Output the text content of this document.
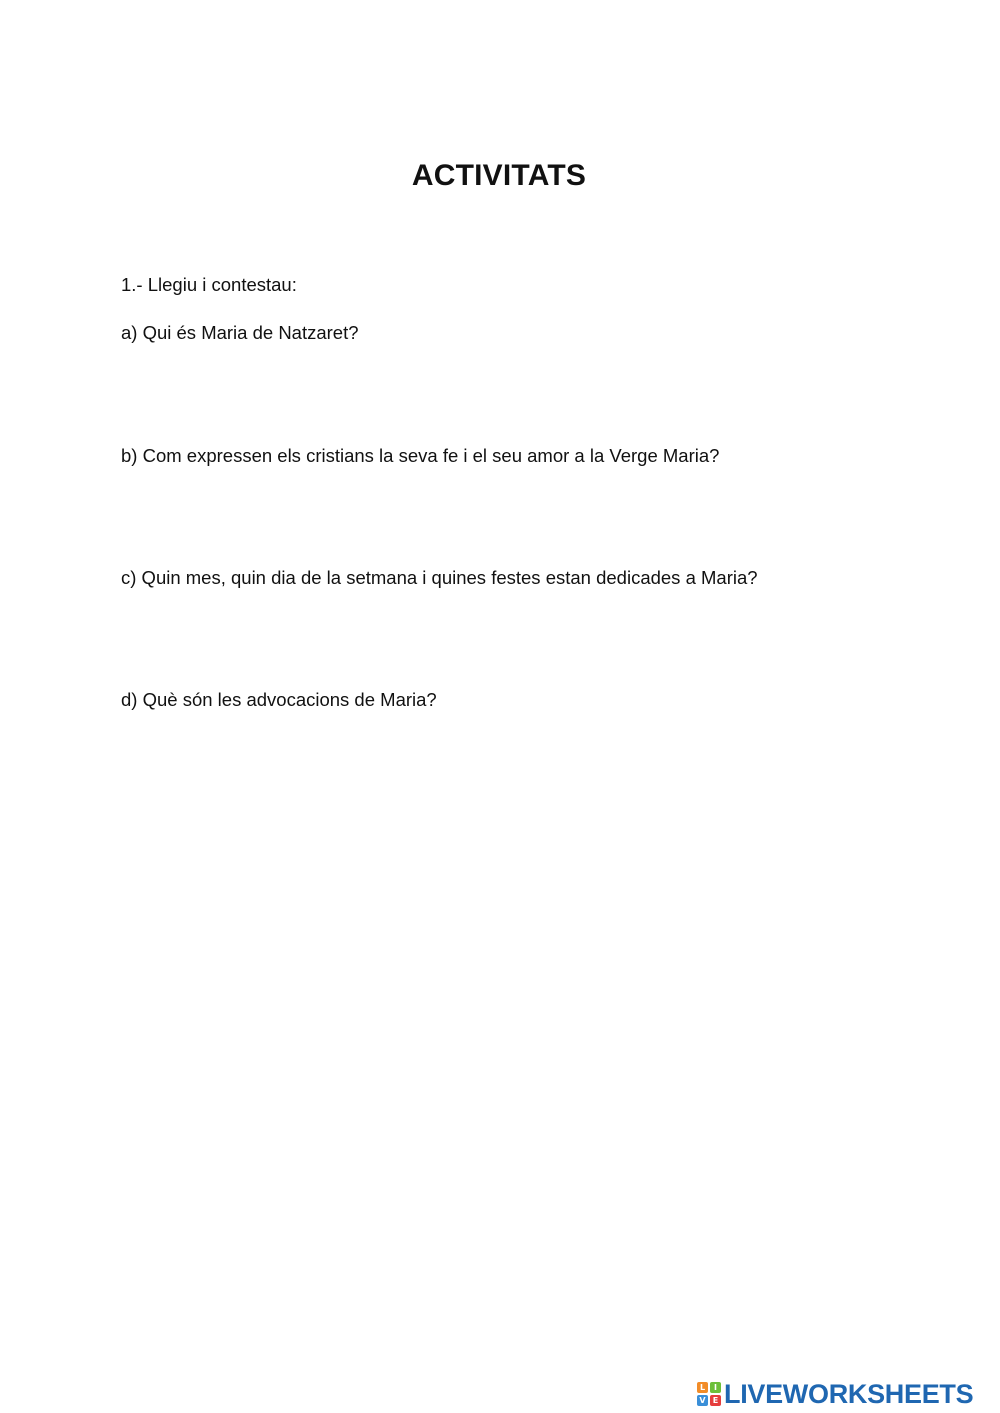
ACTIVITATS
1.- Llegiu i contestau:
a) Qui és Maria de Natzaret?
b) Com expressen els cristians la seva fe i el seu amor a la Verge Maria?
c) Quin mes, quin dia de la setmana i quines festes estan dedicades a Maria?
d) Què són les advocacions de Maria?
L	I
V E LIVEWORKSHEETS
